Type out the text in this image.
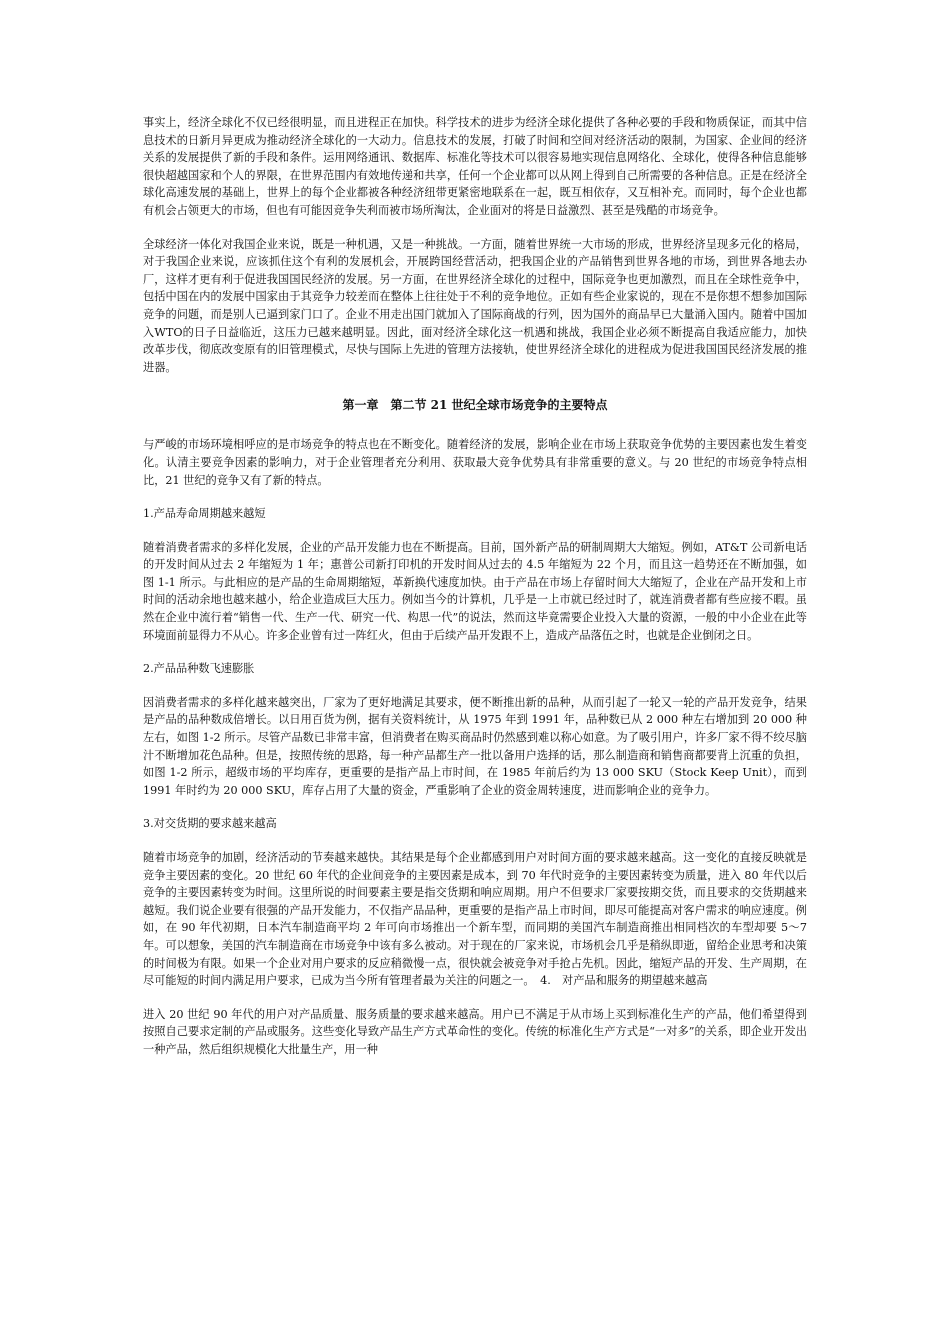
事实上，经济全球化不仅已经很明显，而且进程正在加快。科学技术的进步为经济全球化提供了各种必要的手段和物质保证，而其中信息技术的日新月异更成为推动经济全球化的一大动力。信息技术的发展，打破了时间和空间对经济活动的限制，为国家、企业间的经济关系的发展提供了新的手段和条件。运用网络通讯、数据库、标准化等技术可以很容易地实现信息网络化、全球化，使得各种信息能够很快超越国家和个人的界限，在世界范围内有效地传递和共享，任何一个企业都可以从网上得到自己所需要的各种信息。正是在经济全球化高速发展的基础上，世界上的每个企业都被各种经济纽带更紧密地联系在一起，既互相依存，又互相补充。而同时，每个企业也都有机会占领更大的市场，但也有可能因竞争失利而被市场所淘汰，企业面对的将是日益激烈、甚至是残酷的市场竞争。

全球经济一体化对我国企业来说，既是一种机遇，又是一种挑战。一方面，随着世界统一大市场的形成，世界经济呈现多元化的格局，对于我国企业来说，应该抓住这个有利的发展机会，开展跨国经营活动，把我国企业的产品销售到世界各地的市场，到世界各地去办厂，这样才更有利于促进我国国民经济的发展。另一方面，在世界经济全球化的过程中，国际竞争也更加激烈，而且在全球性竞争中，包括中国在内的发展中国家由于其竞争力较差而在整体上往往处于不利的竞争地位。正如有些企业家说的，现在不是你想不想参加国际竞争的问题，而是别人已逼到家门口了。企业不用走出国门就加入了国际商战的行列，因为国外的商品早已大量涌入国内。随着中国加入WTO的日子日益临近，这压力已越来越明显。因此，面对经济全球化这一机遇和挑战，我国企业必须不断提高自我适应能力，加快改革步伐，彻底改变原有的旧管理模式，尽快与国际上先进的管理方法接轨，使世界经济全球化的进程成为促进我国国民经济发展的推进器。

第一章　第二节 21 世纪全球市场竞争的主要特点

与严峻的市场环境相呼应的是市场竞争的特点也在不断变化。随着经济的发展，影响企业在市场上获取竞争优势的主要因素也发生着变化。认清主要竞争因素的影响力，对于企业管理者充分利用、获取最大竞争优势具有非常重要的意义。与 20 世纪的市场竞争特点相比，21 世纪的竞争又有了新的特点。

1.产品寿命周期越来越短

随着消费者需求的多样化发展，企业的产品开发能力也在不断提高。目前，国外新产品的研制周期大大缩短。例如，AT&T 公司新电话的开发时间从过去 2 年缩短为 1 年；惠普公司新打印机的开发时间从过去的 4.5 年缩短为 22 个月，而且这一趋势还在不断加强，如图 1-1 所示。与此相应的是产品的生命周期缩短，革新换代速度加快。由于产品在市场上存留时间大大缩短了，企业在产品开发和上市时间的活动余地也越来越小，给企业造成巨大压力。例如当今的计算机，几乎是一上市就已经过时了，就连消费者都有些应接不暇。虽然在企业中流行着“销售一代、生产一代、研究一代、构思一代”的说法，然而这毕竟需要企业投入大量的资源，一般的中小企业在此等环境面前显得力不从心。许多企业曾有过一阵红火，但由于后续产品开发跟不上，造成产品落伍之时，也就是企业倒闭之日。

2.产品品种数飞速膨胀

因消费者需求的多样化越来越突出，厂家为了更好地满足其要求，便不断推出新的品种，从而引起了一轮又一轮的产品开发竞争，结果是产品的品种数成倍增长。以日用百货为例，据有关资料统计，从 1975 年到 1991 年，品种数已从 2 000 种左右增加到 20 000 种左右，如图 1-2 所示。尽管产品数已非常丰富，但消费者在购买商品时仍然感到难以称心如意。为了吸引用户，许多厂家不得不绞尽脑汁不断增加花色品种。但是，按照传统的思路，每一种产品都生产一批以备用户选择的话，那么制造商和销售商都要背上沉重的负担，如图 1-2 所示，超级市场的平均库存，更重要的是指产品上市时间，在 1985 年前后约为 13 000 SKU（Stock Keep Unit），而到 1991 年时约为 20 000 SKU，库存占用了大量的资金，严重影响了企业的资金周转速度，进而影响企业的竞争力。

3.对交货期的要求越来越高

随着市场竞争的加剧，经济活动的节奏越来越快。其结果是每个企业都感到用户对时间方面的要求越来越高。这一变化的直接反映就是竞争主要因素的变化。20 世纪 60 年代的企业间竞争的主要因素是成本，到 70 年代时竞争的主要因素转变为质量，进入 80 年代以后竞争的主要因素转变为时间。这里所说的时间要素主要是指交货期和响应周期。用户不但要求厂家要按期交货，而且要求的交货期越来越短。我们说企业要有很强的产品开发能力，不仅指产品品种，更重要的是指产品上市时间，即尽可能提高对客户需求的响应速度。例如，在 90 年代初期，日本汽车制造商平均 2 年可向市场推出一个新车型，而同期的美国汽车制造商推出相同档次的车型却要 5～7 年。可以想象，美国的汽车制造商在市场竞争中该有多么被动。对于现在的厂家来说，市场机会几乎是稍纵即逝，留给企业思考和决策的时间极为有限。如果一个企业对用户要求的反应稍微慢一点，很快就会被竞争对手抢占先机。因此，缩短产品的开发、生产周期，在尽可能短的时间内满足用户要求，已成为当今所有管理者最为关注的问题之一。　4.　对产品和服务的期望越来越高

进入 20 世纪 90 年代的用户对产品质量、服务质量的要求越来越高。用户已不满足于从市场上买到标准化生产的产品，他们希望得到按照自己要求定制的产品或服务。这些变化导致产品生产方式革命性的变化。传统的标准化生产方式是“一对多”的关系，即企业开发出一种产品，然后组织规模化大批量生产，用一种
